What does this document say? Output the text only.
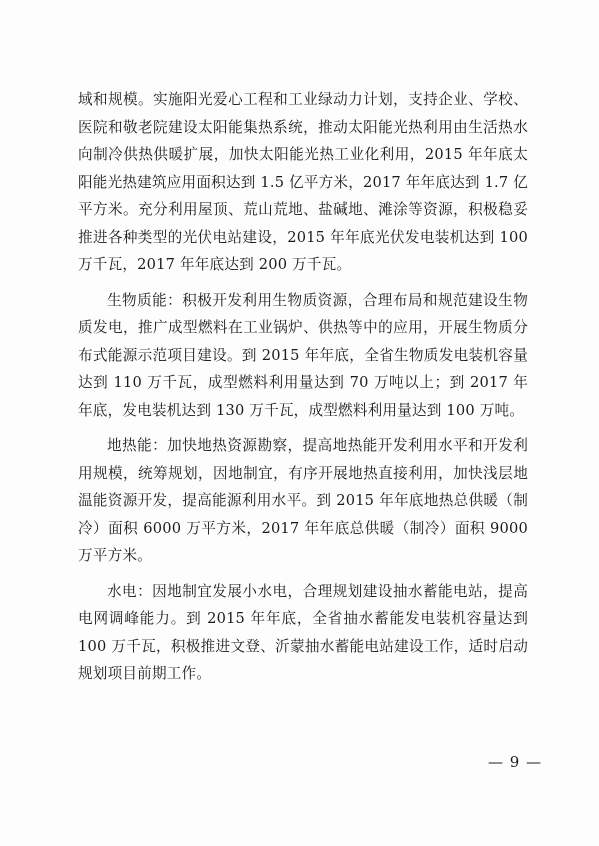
域和规模。实施阳光爱心工程和工业绿动力计划，支持企业、学校、医院和敬老院建设太阳能集热系统，推动太阳能光热利用由生活热水向制冷供热供暖扩展，加快太阳能光热工业化利用，2015 年年底太阳能光热建筑应用面积达到 1.5 亿平方米，2017 年年底达到 1.7 亿平方米。充分利用屋顶、荒山荒地、盐碱地、滩涂等资源，积极稳妥推进各种类型的光伏电站建设，2015 年年底光伏发电装机达到 100 万千瓦，2017 年年底达到 200 万千瓦。

生物质能：积极开发利用生物质资源，合理布局和规范建设生物质发电，推广成型燃料在工业锅炉、供热等中的应用，开展生物质分布式能源示范项目建设。到 2015 年年底，全省生物质发电装机容量达到 110 万千瓦，成型燃料利用量达到 70 万吨以上；到 2017 年年底，发电装机达到 130 万千瓦，成型燃料利用量达到 100 万吨。

地热能：加快地热资源勘察，提高地热能开发利用水平和开发利用规模，统筹规划，因地制宜，有序开展地热直接利用，加快浅层地温能资源开发，提高能源利用水平。到 2015 年年底地热总供暖（制冷）面积 6000 万平方米，2017 年年底总供暖（制冷）面积 9000 万平方米。

水电：因地制宜发展小水电，合理规划建设抽水蓄能电站，提高电网调峰能力。到 2015 年年底，全省抽水蓄能发电装机容量达到 100 万千瓦，积极推进文登、沂蒙抽水蓄能电站建设工作，适时启动规划项目前期工作。

— 9 —
